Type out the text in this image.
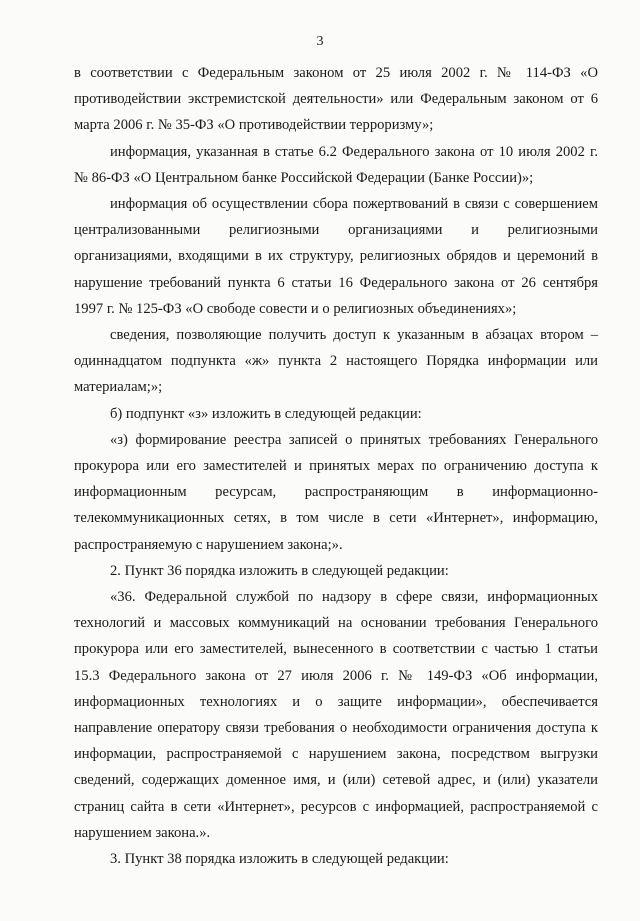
3

в соответствии с Федеральным законом от 25 июля 2002 г. № 114-ФЗ «О противодействии экстремистской деятельности» или Федеральным законом от 6 марта 2006 г. № 35-ФЗ «О противодействии терроризму»;

информация, указанная в статье 6.2 Федерального закона от 10 июля 2002 г. № 86-ФЗ «О Центральном банке Российской Федерации (Банке России)»;

информация об осуществлении сбора пожертвований в связи с совершением централизованными религиозными организациями и религиозными организациями, входящими в их структуру, религиозных обрядов и церемоний в нарушение требований пункта 6 статьи 16 Федерального закона от 26 сентября 1997 г. № 125-ФЗ «О свободе совести и о религиозных объединениях»;

сведения, позволяющие получить доступ к указанным в абзацах втором – одиннадцатом подпункта «ж» пункта 2 настоящего Порядка информации или материалам;»;

б) подпункт «з» изложить в следующей редакции:

«з) формирование реестра записей о принятых требованиях Генерального прокурора или его заместителей и принятых мерах по ограничению доступа к информационным ресурсам, распространяющим в информационно-телекоммуникационных сетях, в том числе в сети «Интернет», информацию, распространяемую с нарушением закона;».

2. Пункт 36 порядка изложить в следующей редакции:

«36. Федеральной службой по надзору в сфере связи, информационных технологий и массовых коммуникаций на основании требования Генерального прокурора или его заместителей, вынесенного в соответствии с частью 1 статьи 15.3 Федерального закона от 27 июля 2006 г. № 149-ФЗ «Об информации, информационных технологиях и о защите информации», обеспечивается направление оператору связи требования о необходимости ограничения доступа к информации, распространяемой с нарушением закона, посредством выгрузки сведений, содержащих доменное имя, и (или) сетевой адрес, и (или) указатели страниц сайта в сети «Интернет», ресурсов с информацией, распространяемой с нарушением закона.».

3. Пункт 38 порядка изложить в следующей редакции:
